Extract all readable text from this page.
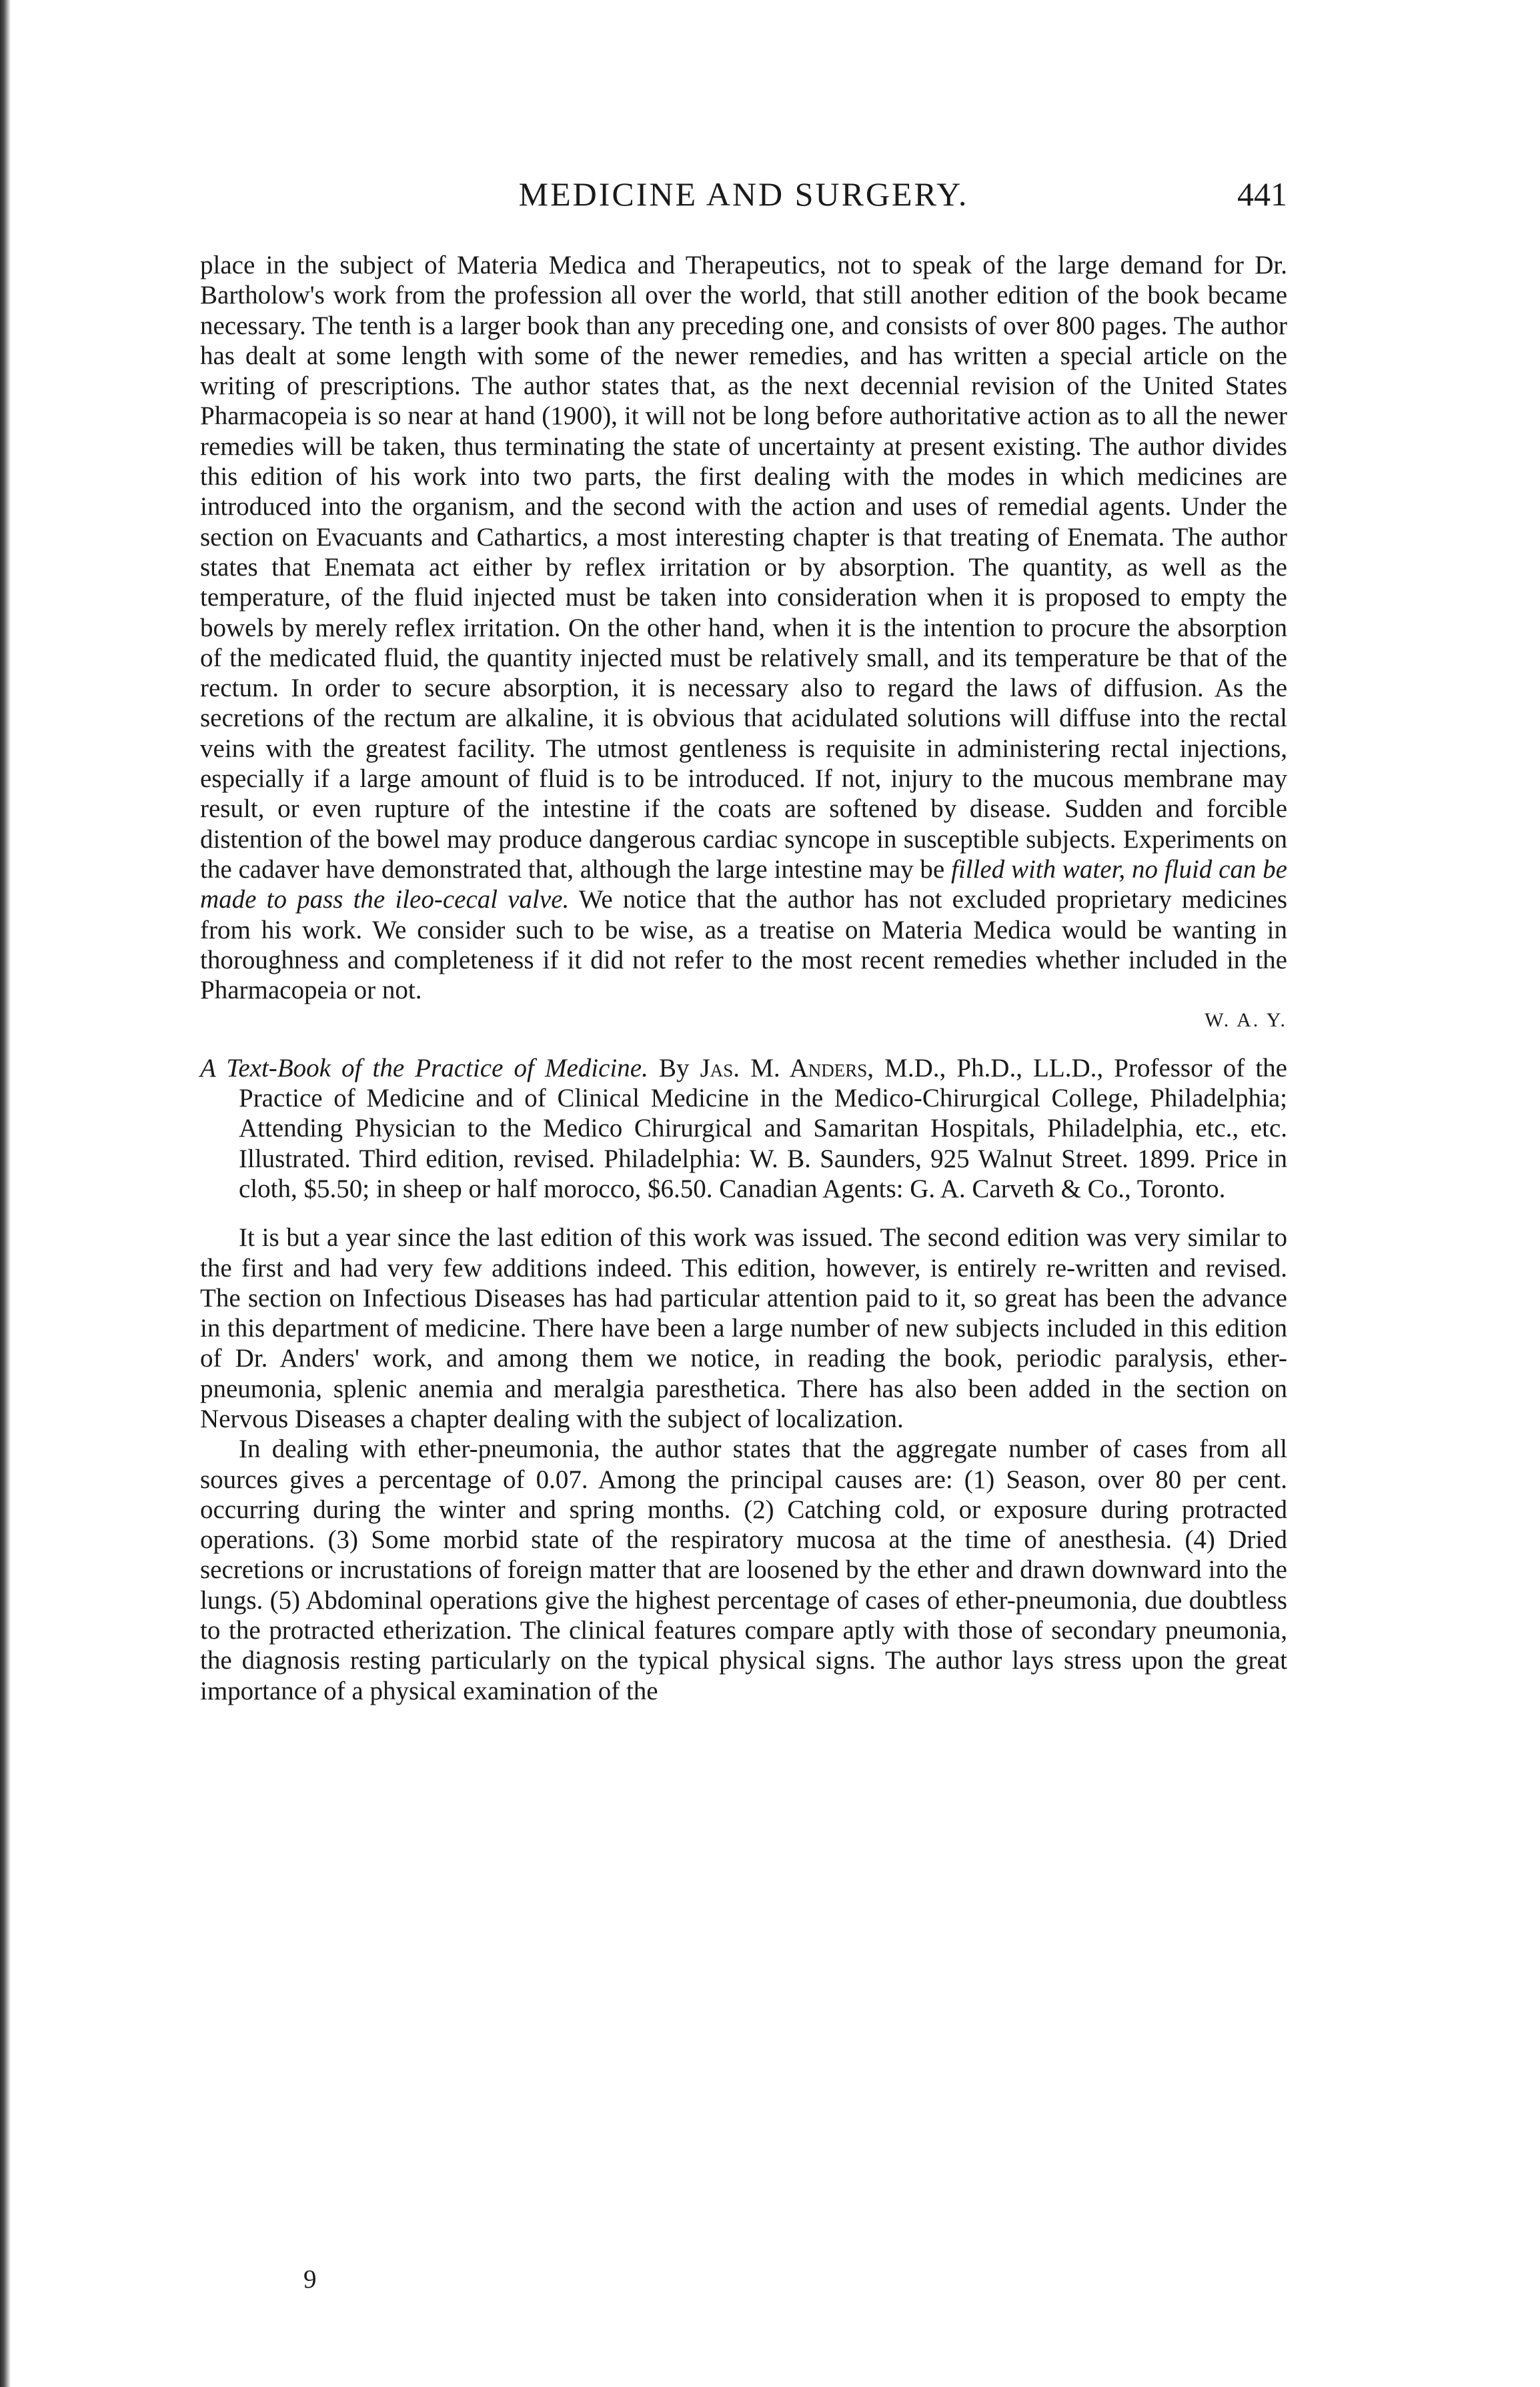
MEDICINE AND SURGERY.	441

place in the subject of Materia Medica and Therapeutics, not to speak of the large demand for Dr. Bartholow's work from the profession all over the world, that still another edition of the book became necessary. The tenth is a larger book than any preceding one, and consists of over 800 pages. The author has dealt at some length with some of the newer remedies, and has written a special article on the writing of prescriptions. The author states that, as the next decennial revision of the United States Pharmacopeia is so near at hand (1900), it will not be long before authoritative action as to all the newer remedies will be taken, thus terminating the state of uncertainty at present existing. The author divides this edition of his work into two parts, the first dealing with the modes in which medicines are introduced into the organism, and the second with the action and uses of remedial agents. Under the section on Evacuants and Cathartics, a most interesting chapter is that treating of Enemata. The author states that Enemata act either by reflex irritation or by absorption. The quantity, as well as the temperature, of the fluid injected must be taken into consideration when it is proposed to empty the bowels by merely reflex irritation. On the other hand, when it is the intention to procure the absorption of the medicated fluid, the quantity injected must be relatively small, and its temperature be that of the rectum. In order to secure absorption, it is necessary also to regard the laws of diffusion. As the secretions of the rectum are alkaline, it is obvious that acidulated solutions will diffuse into the rectal veins with the greatest facility. The utmost gentleness is requisite in administering rectal injections, especially if a large amount of fluid is to be introduced. If not, injury to the mucous membrane may result, or even rupture of the intestine if the coats are softened by disease. Sudden and forcible distention of the bowel may produce dangerous cardiac syncope in susceptible subjects. Experiments on the cadaver have demonstrated that, although the large intestine may be filled with water, no fluid can be made to pass the ileo-cecal valve. We notice that the author has not excluded proprietary medicines from his work. We consider such to be wise, as a treatise on Materia Medica would be wanting in thoroughness and completeness if it did not refer to the most recent remedies whether included in the Pharmacopeia or not.
W. A. Y.

A Text-Book of the Practice of Medicine. By Jas. M. Anders, M.D., Ph.D., LL.D., Professor of the Practice of Medicine and of Clinical Medicine in the Medico-Chirurgical College, Philadelphia; Attending Physician to the Medico Chirurgical and Samaritan Hospitals, Philadelphia, etc., etc. Illustrated. Third edition, revised. Philadelphia: W. B. Saunders, 925 Walnut Street. 1899. Price in cloth, $5.50; in sheep or half morocco, $6.50. Canadian Agents: G. A. Carveth & Co., Toronto.

It is but a year since the last edition of this work was issued. The second edition was very similar to the first and had very few additions indeed. This edition, however, is entirely re-written and revised. The section on Infectious Diseases has had particular attention paid to it, so great has been the advance in this department of medicine. There have been a large number of new subjects included in this edition of Dr. Anders' work, and among them we notice, in reading the book, periodic paralysis, ether-pneumonia, splenic anemia and meralgia paresthetica. There has also been added in the section on Nervous Diseases a chapter dealing with the subject of localization.

In dealing with ether-pneumonia, the author states that the aggregate number of cases from all sources gives a percentage of 0.07. Among the principal causes are: (1) Season, over 80 per cent. occurring during the winter and spring months. (2) Catching cold, or exposure during protracted operations. (3) Some morbid state of the respiratory mucosa at the time of anesthesia. (4) Dried secretions or incrustations of foreign matter that are loosened by the ether and drawn downward into the lungs. (5) Abdominal operations give the highest percentage of cases of ether-pneumonia, due doubtless to the protracted etherization. The clinical features compare aptly with those of secondary pneumonia, the diagnosis resting particularly on the typical physical signs. The author lays stress upon the great importance of a physical examination of the

9
